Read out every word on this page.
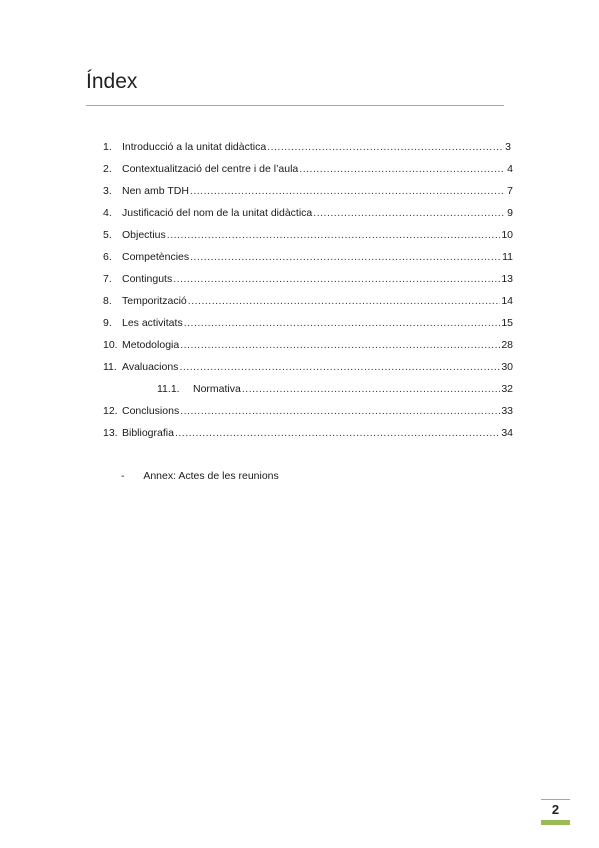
Índex
1. Introducció a la unitat didàctica .....	3
2. Contextualització del centre i de l’aula .....	4
3. Nen amb TDH .....	7
4. Justificació del nom de la unitat didàctica .....	9
5. Objectius .....	10
6. Competències .....	11
7. Continguts .....	13
8. Temporització .....	14
9. Les activitats .....	15
10. Metodologia .....	28
11. Avaluacions .....	30
11.1.	Normativa .....	32
12. Conclusions .....	33
13. Bibliografia .....	34
- Annex: Actes de les reunions
2
